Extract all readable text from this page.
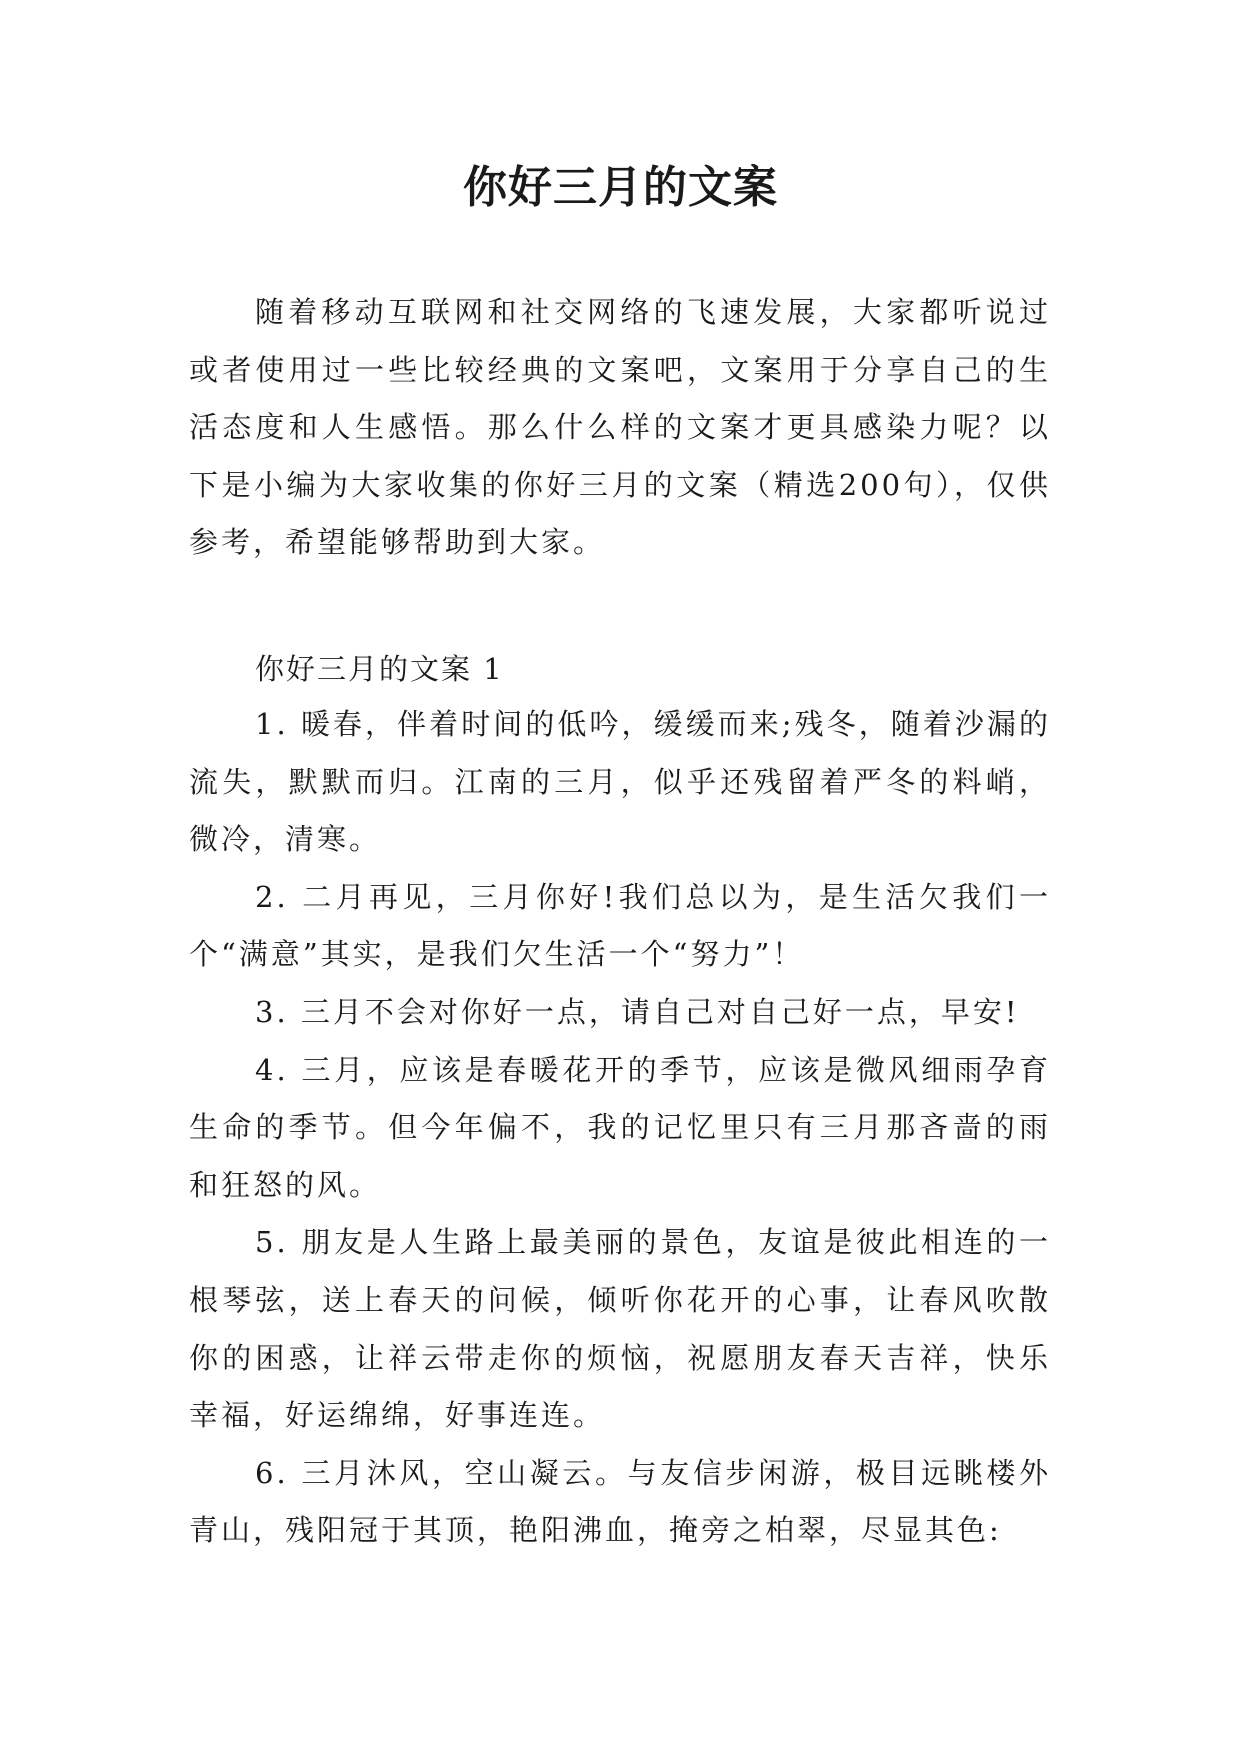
你好三月的文案

随着移动互联网和社交网络的飞速发展，大家都听说过或者使用过一些比较经典的文案吧，文案用于分享自己的生活态度和人生感悟。那么什么样的文案才更具感染力呢？以下是小编为大家收集的你好三月的文案（精选200句），仅供参考，希望能够帮助到大家。

你好三月的文案 1

1. 暖春，伴着时间的低吟，缓缓而来;残冬，随着沙漏的流失，默默而归。江南的三月，似乎还残留着严冬的料峭，微冷，清寒。
2. 二月再见，三月你好!我们总以为，是生活欠我们一个“满意”其实，是我们欠生活一个“努力”！
3. 三月不会对你好一点，请自己对自己好一点，早安!
4. 三月，应该是春暖花开的季节，应该是微风细雨孕育生命的季节。但今年偏不，我的记忆里只有三月那吝啬的雨和狂怒的风。
5. 朋友是人生路上最美丽的景色，友谊是彼此相连的一根琴弦，送上春天的问候，倾听你花开的心事，让春风吹散你的困惑，让祥云带走你的烦恼，祝愿朋友春天吉祥，快乐幸福，好运绵绵，好事连连。
6. 三月沐风，空山凝云。与友信步闲游，极目远眺楼外青山，残阳冠于其顶，艳阳沸血，掩旁之柏翠，尽显其色:
